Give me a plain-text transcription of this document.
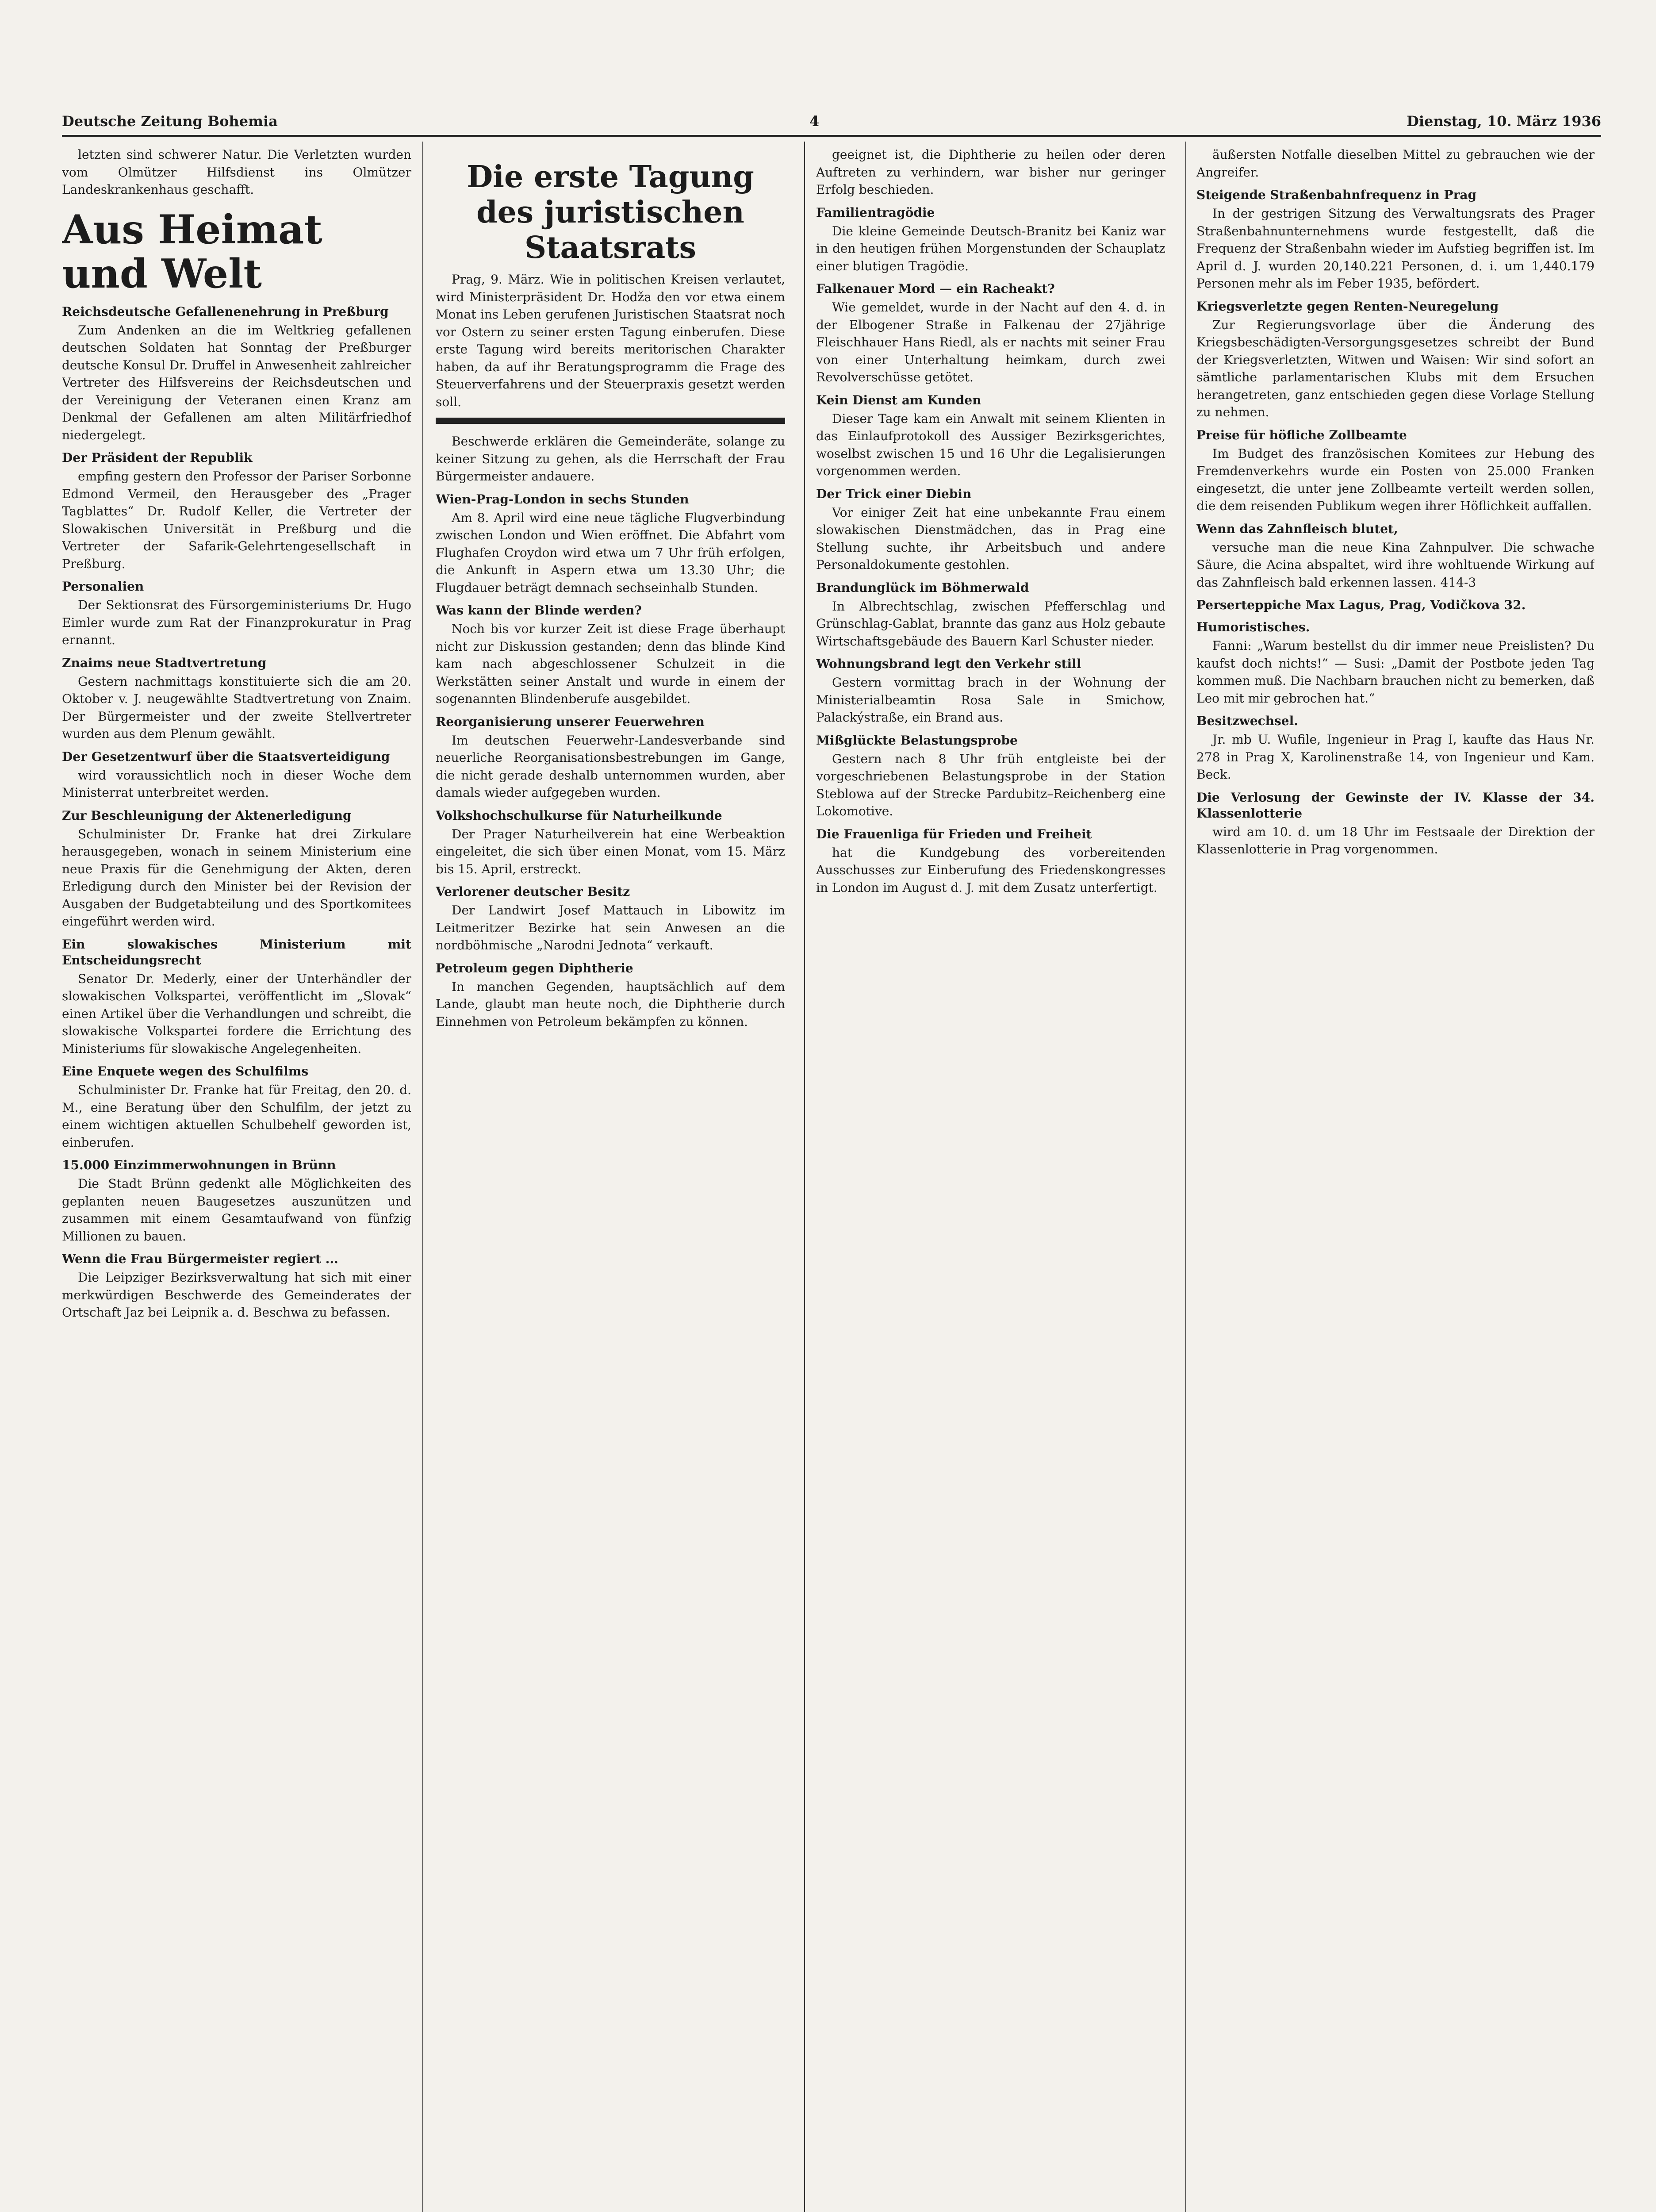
Deutsche Zeitung Bohemia	4	Dienstag, 10. März 1936

letzten sind schwerer Natur. Die Verletzten wurden vom Olmützer Hilfsdienst ins Olmützer Landeskrankenhaus geschafft.

Aus Heimat und Welt
Reichsdeutsche Gefallenenehrung in Preßburg

Zum Andenken an die im Weltkrieg gefallenen deutschen Soldaten hat Sonntag der Preßburger deutsche Konsul Dr. Druffel in Anwesenheit zahlreicher Vertreter des Hilfsvereins der Reichsdeutschen und der Vereinigung der Veteranen einen Kranz am Denkmal der Gefallenen am alten Militärfriedhof niedergelegt.

Der Präsident der Republik

empfing gestern den Professor der Pariser Sorbonne Edmond Vermeil, den Herausgeber des „Prager Tagblattes“ Dr. Rudolf Keller, die Vertreter der Slowakischen Universität in Preßburg und die Vertreter der Safarik-Gelehrtengesellschaft in Preßburg.

Personalien

Der Sektionsrat des Fürsorgeministeriums Dr. Hugo Eimler wurde zum Rat der Finanzprokuratur in Prag ernannt.

Znaims neue Stadtvertretung

Gestern nachmittags konstituierte sich die am 20. Oktober v. J. neugewählte Stadtvertretung von Znaim. Der Bürgermeister und der zweite Stellvertreter wurden aus dem Plenum gewählt.

Der Gesetzentwurf über die Staatsverteidigung

wird voraussichtlich noch in dieser Woche dem Ministerrat unterbreitet werden.

Zur Beschleunigung der Aktenerledigung

Schulminister Dr. Franke hat drei Zirkulare herausgegeben, wonach in seinem Ministerium eine neue Praxis für die Genehmigung der Akten, deren Erledigung durch den Minister bei der Revision der Ausgaben der Budgetabteilung und des Sportkomitees eingeführt werden wird.

Ein slowakisches Ministerium mit Entscheidungsrecht

Senator Dr. Mederly, einer der Unterhändler der slowakischen Volkspartei, veröffentlicht im „Slovak“ einen Artikel über die Verhandlungen und schreibt, die slowakische Volkspartei fordere die Errichtung des Ministeriums für slowakische Angelegenheiten.

Eine Enquete wegen des Schulfilms

Schulminister Dr. Franke hat für Freitag, den 20. d. M., eine Beratung über den Schulfilm, der jetzt zu einem wichtigen aktuellen Schulbehelf geworden ist, einberufen.

15.000 Einzimmerwohnungen in Brünn

Die Stadt Brünn gedenkt alle Möglichkeiten des geplanten neuen Baugesetzes auszunützen und zusammen mit einem Gesamtaufwand von fünfzig Millionen zu bauen.

Wenn die Frau Bürgermeister regiert ...

Die Leipziger Bezirksverwaltung hat sich mit einer merkwürdigen Beschwerde des Gemeinderates der Ortschaft Jaz bei Leipnik a. d. Beschwa zu befassen.

Die erste Tagung des juristischen Staatsrats

Prag, 9. März. Wie in politischen Kreisen verlautet, wird Ministerpräsident Dr. Hodža den vor etwa einem Monat ins Leben gerufenen Juristischen Staatsrat noch vor Ostern zu seiner ersten Tagung einberufen. Diese erste Tagung wird bereits meritorischen Charakter haben, da auf ihr Beratungsprogramm die Frage des Steuerverfahrens und der Steuerpraxis gesetzt werden soll.

Beschwerde erklären die Gemeinderäte, solange zu keiner Sitzung zu gehen, als die Herrschaft der Frau Bürgermeister andauere.

Wien-Prag-London in sechs Stunden

Am 8. April wird eine neue tägliche Flugverbindung zwischen London und Wien eröffnet. Die Abfahrt vom Flughafen Croydon wird etwa um 7 Uhr früh erfolgen, die Ankunft in Aspern etwa um 13.30 Uhr; die Flugdauer beträgt demnach sechseinhalb Stunden.

Was kann der Blinde werden?

Noch bis vor kurzer Zeit ist diese Frage überhaupt nicht zur Diskussion gestanden; denn das blinde Kind kam nach abgeschlossener Schulzeit in die Werkstätten seiner Anstalt und wurde in einem der sogenannten Blindenberufe ausgebildet.

Reorganisierung unserer Feuerwehren

Im deutschen Feuerwehr-Landesverbande sind neuerliche Reorganisationsbestrebungen im Gange, die nicht gerade deshalb unternommen wurden, aber damals wieder aufgegeben wurden.

Volkshochschulkurse für Naturheilkunde

Der Prager Naturheilverein hat eine Werbeaktion eingeleitet, die sich über einen Monat, vom 15. März bis 15. April, erstreckt.

Verlorener deutscher Besitz

Der Landwirt Josef Mattauch in Libowitz im Leitmeritzer Bezirke hat sein Anwesen an die nordböhmische „Narodni Jednota“ verkauft.

Petroleum gegen Diphtherie

In manchen Gegenden, hauptsächlich auf dem Lande, glaubt man heute noch, die Diphtherie durch Einnehmen von Petroleum bekämpfen zu können.

geeignet ist, die Diphtherie zu heilen oder deren Auftreten zu verhindern, war bisher nur geringer Erfolg beschieden.

Familientragödie

Die kleine Gemeinde Deutsch-Branitz bei Kaniz war in den heutigen frühen Morgenstunden der Schauplatz einer blutigen Tragödie.

Falkenauer Mord — ein Racheakt?

Wie gemeldet, wurde in der Nacht auf den 4. d. in der Elbogener Straße in Falkenau der 27jährige Fleischhauer Hans Riedl, als er nachts mit seiner Frau von einer Unterhaltung heimkam, durch zwei Revolverschüsse getötet.

Kein Dienst am Kunden

Dieser Tage kam ein Anwalt mit seinem Klienten in das Einlaufprotokoll des Aussiger Bezirksgerichtes, woselbst zwischen 15 und 16 Uhr die Legalisierungen vorgenommen werden.

Der Trick einer Diebin

Vor einiger Zeit hat eine unbekannte Frau einem slowakischen Dienstmädchen, das in Prag eine Stellung suchte, ihr Arbeitsbuch und andere Personaldokumente gestohlen.

Brandunglück im Böhmerwald

In Albrechtschlag, zwischen Pfefferschlag und Grünschlag-Gablat, brannte das ganz aus Holz gebaute Wirtschaftsgebäude des Bauern Karl Schuster nieder.

Wohnungsbrand legt den Verkehr still

Gestern vormittag brach in der Wohnung der Ministerialbeamtin Rosa Sale in Smichow, Palackýstraße, ein Brand aus.

Mißglückte Belastungsprobe

Gestern nach 8 Uhr früh entgleiste bei der vorgeschriebenen Belastungsprobe in der Station Steblowa auf der Strecke Pardubitz–Reichenberg eine Lokomotive.

Die Frauenliga für Frieden und Freiheit

hat die Kundgebung des vorbereitenden Ausschusses zur Einberufung des Friedenskongresses in London im August d. J. mit dem Zusatz unterfertigt.

äußersten Notfalle dieselben Mittel zu gebrauchen wie der Angreifer.

Steigende Straßenbahnfrequenz in Prag

In der gestrigen Sitzung des Verwaltungsrats des Prager Straßenbahnunternehmens wurde festgestellt, daß die Frequenz der Straßenbahn wieder im Aufstieg begriffen ist. Im April d. J. wurden 20,140.221 Personen, d. i. um 1,440.179 Personen mehr als im Feber 1935, befördert.

Kriegsverletzte gegen Renten-Neuregelung

Zur Regierungsvorlage über die Änderung des Kriegsbeschädigten-Versorgungsgesetzes schreibt der Bund der Kriegsverletzten, Witwen und Waisen: Wir sind sofort an sämtliche parlamentarischen Klubs mit dem Ersuchen herangetreten, ganz entschieden gegen diese Vorlage Stellung zu nehmen.

Preise für höfliche Zollbeamte

Im Budget des französischen Komitees zur Hebung des Fremdenverkehrs wurde ein Posten von 25.000 Franken eingesetzt, die unter jene Zollbeamte verteilt werden sollen, die dem reisenden Publikum wegen ihrer Höflichkeit auffallen.

Wenn das Zahnfleisch blutet,

versuche man die neue Kina Zahnpulver. Die schwache Säure, die Acina abspaltet, wird ihre wohltuende Wirkung auf das Zahnfleisch bald erkennen lassen. 414-3

Perserteppiche Max Lagus, Prag, Vodičkova 32.

Humoristisches.

Fanni: „Warum bestellst du dir immer neue Preislisten? Du kaufst doch nichts!“ — Susi: „Damit der Postbote jeden Tag kommen muß. Die Nachbarn brauchen nicht zu bemerken, daß Leo mit mir gebrochen hat.“

Besitzwechsel.

Jr. mb U. Wufile, Ingenieur in Prag I, kaufte das Haus Nr. 278 in Prag X, Karolinenstraße 14, von Ingenieur und Kam. Beck.

Die Verlosung der Gewinste der IV. Klasse der 34. Klassenlotterie

wird am 10. d. um 18 Uhr im Festsaale der Direktion der Klassenlotterie in Prag vorgenommen.
